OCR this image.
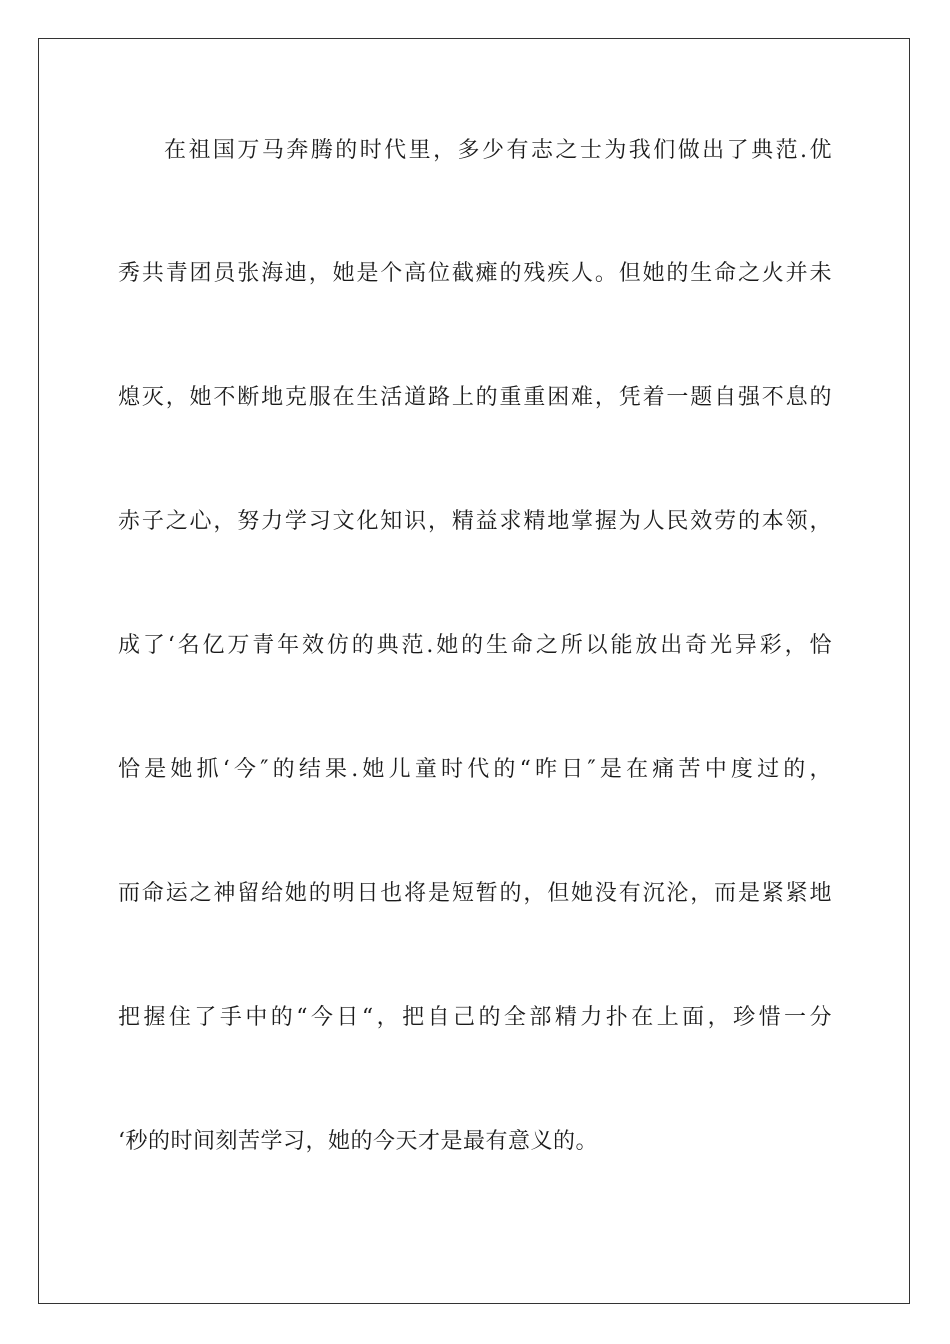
在祖国万马奔腾的时代里，多少有志之士为我们做出了典范.优
秀共青团员张海迪，她是个高位截瘫的残疾人。但她的生命之火并未
熄灭，她不断地克服在生活道路上的重重困难，凭着一题自强不息的
赤子之心，努力学习文化知识，精益求精地掌握为人民效劳的本领，
成了‘名亿万青年效仿的典范.她的生命之所以能放出奇光异彩，恰
恰是她抓‘今″的结果.她儿童时代的“昨日″是在痛苦中度过的，
而命运之神留给她的明日也将是短暂的，但她没有沉沦，而是紧紧地
把握住了手中的“今日“，把自己的全部精力扑在上面，珍惜一分
‘秒的时间刻苦学习，她的今天才是最有意义的。
